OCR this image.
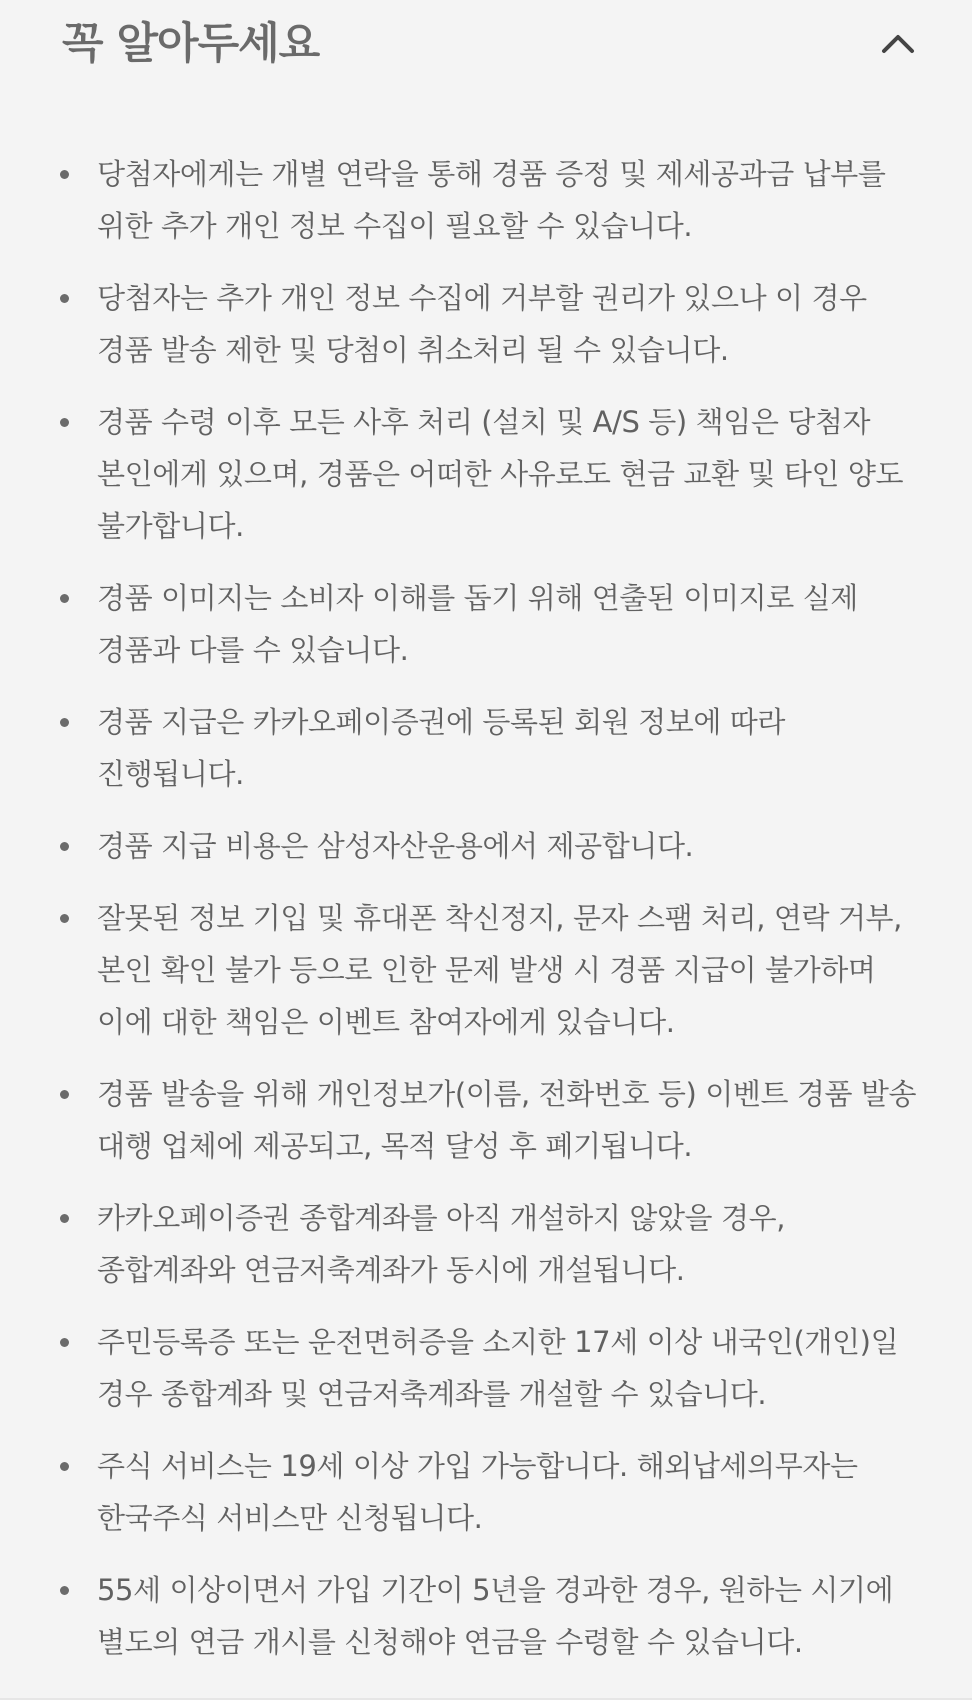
꼭 알아두세요
당첨자에게는 개별 연락을 통해 경품 증정 및 제세공과금 납부를 위한 추가 개인 정보 수집이 필요할 수 있습니다.
당첨자는 추가 개인 정보 수집에 거부할 권리가 있으나 이 경우 경품 발송 제한 및 당첨이 취소처리 될 수 있습니다.
경품 수령 이후 모든 사후 처리 (설치 및 A/S 등) 책임은 당첨자 본인에게 있으며, 경품은 어떠한 사유로도 현금 교환 및 타인 양도 불가합니다.
경품 이미지는 소비자 이해를 돕기 위해 연출된 이미지로 실제 경품과 다를 수 있습니다.
경품 지급은 카카오페이증권에 등록된 회원 정보에 따라 진행됩니다.
경품 지급 비용은 삼성자산운용에서 제공합니다.
잘못된 정보 기입 및 휴대폰 착신정지, 문자 스팸 처리, 연락 거부, 본인 확인 불가 등으로 인한 문제 발생 시 경품 지급이 불가하며 이에 대한 책임은 이벤트 참여자에게 있습니다.
경품 발송을 위해 개인정보가(이름, 전화번호 등) 이벤트 경품 발송 대행 업체에 제공되고, 목적 달성 후 폐기됩니다.
카카오페이증권 종합계좌를 아직 개설하지 않았을 경우, 종합계좌와 연금저축계좌가 동시에 개설됩니다.
주민등록증 또는 운전면허증을 소지한 17세 이상 내국인(개인)일 경우 종합계좌 및 연금저축계좌를 개설할 수 있습니다.
주식 서비스는 19세 이상 가입 가능합니다. 해외납세의무자는 한국주식 서비스만 신청됩니다.
55세 이상이면서 가입 기간이 5년을 경과한 경우, 원하는 시기에 별도의 연금 개시를 신청해야 연금을 수령할 수 있습니다.
